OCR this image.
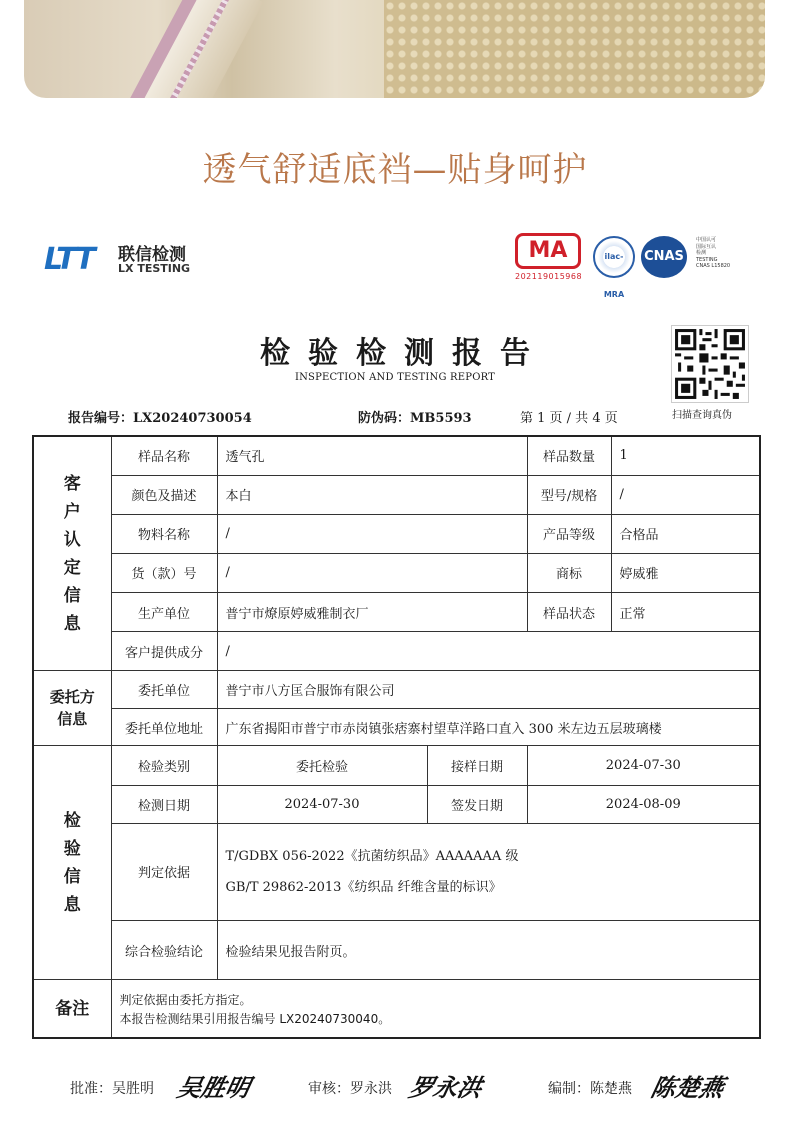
透气舒适底裆—贴身呵护
LTT 联信检测
LX TESTING
MA
202119015968
ilac-MRA
CNAS
中国认可
国际互认
检测
TESTING
CNAS L15820
检验检测报告
INSPECTION AND TESTING REPORT
扫描查询真伪
报告编号：LX20240730054	防伪码：MB5593	第 1 页 / 共 4 页
客户认定信息	样品名称	透气孔		样品数量	1
	颜色及描述	本白		型号/规格	/
	物料名称	/		产品等级	合格品
	货（款）号	/		商标	婷威雅
	生产单位	普宁市燎原婷威雅制衣厂		样品状态	正常
	客户提供成分	/			
委托方
信息	委托单位	普宁市八方匡合服饰有限公司			
	委托单位地址	广东省揭阳市普宁市赤岗镇张痞寨村望草洋路口直入 300 米左边五层玻璃楼			
检验信息	检验类别	委托检验	接样日期	2024-07-30	
	检测日期	2024-07-30	签发日期	2024-08-09	
	判定依据	T/GDBX 056-2022《抗菌纺织品》AAAAAAA 级
GB/T 29862-2013《纺织品 纤维含量的标识》			

	综合检验结论	检验结果见报告附页。			
备注	判定依据由委托方指定。
本报告检测结果引用报告编号 LX20240730040。				
批准：吴胜明 吴胜明	审核：罗永洪 罗永洪	编制：陈楚燕 陈楚燕
